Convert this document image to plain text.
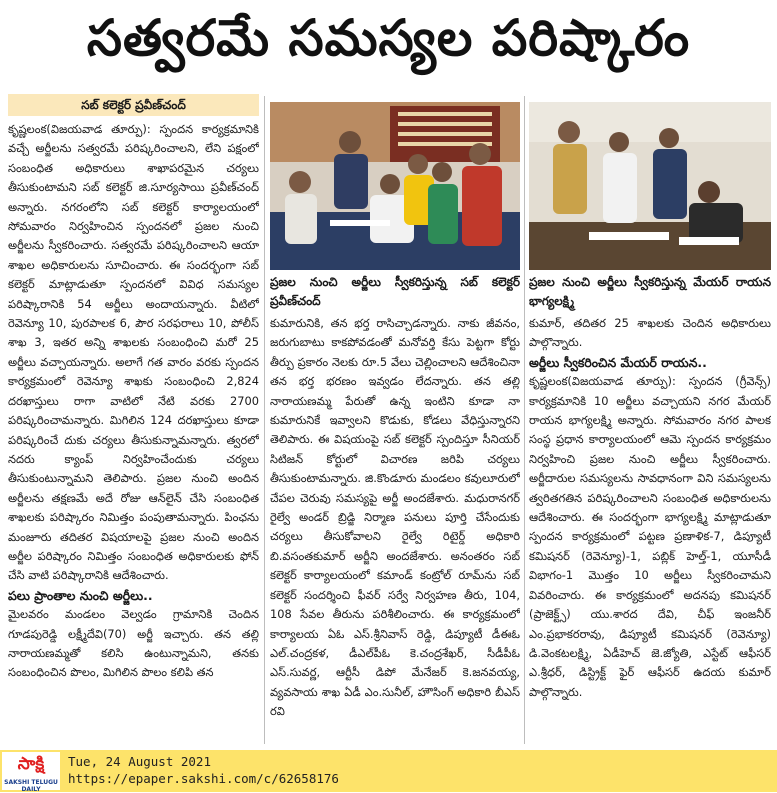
సత్వరమే సమస్యల పరిష్కారం
సబ్ కలెక్టర్ ప్రవీణ్‌చంద్

కృష్ణలంక(విజయవాడ తూర్పు): స్పందన కార్యక్రమానికి వచ్చే అర్జీలను సత్వరమే పరిష్కరించాలని, లేని పక్షంలో సంబంధిత అధికారులు శాఖాపరమైన చర్యలు తీసుకుంటామని సబ్ కలెక్టర్ జి.సూర్యసాయి ప్రవీణ్‌చంద్ అన్నారు. నగరంలోని సబ్ కలెక్టర్ కార్యాలయంలో సోమవారం నిర్వహించిన స్పందనలో ప్రజల నుంచి అర్జీలను స్వీకరించారు. సత్వరమే పరిష్కరించాలని ఆయా శాఖల అధికారులను సూచించారు. ఈ సందర్భంగా సబ్ కలెక్టర్ మాట్లాడుతూ స్పందనలో వివిధ సమస్యల పరిష్కారానికి 54 అర్జీలు అందాయన్నారు. వీటిలో రెవెన్యూ 10, పురపాలక 6, పౌర సరఫరాలు 10, పోలీస్ శాఖ 3, ఇతర అన్ని శాఖలకు సంబంధించి మరో 25 అర్జీలు వచ్చాయన్నారు. అలాగే గత వారం వరకు స్పందన కార్యక్రమంలో రెవెన్యూ శాఖకు సంబంధించి 2,824 దరఖాస్తులు రాగా వాటిలో నేటి వరకు 2700 పరిష్కరించామన్నారు. మిగిలిన 124 దరఖాస్తులు కూడా పరిష్కరించే దుకు చర్యలు తీసుకున్నామన్నారు. త్వరలో నదరు క్యాంప్ నిర్వహించేందుకు చర్యలు తీసుకుంటున్నామని తెలిపారు. ప్రజల నుంచి అందిన అర్జీలను తక్షణమే అదే రోజు ఆన్‌లైన్ చేసి సంబంధిత శాఖలకు పరిష్కారం నిమిత్తం పంపుతామన్నారు. పింఛను మంజూరు తదితర విషయాలపై ప్రజల నుంచి అందిన అర్జీల పరిష్కారం నిమిత్తం సంబంధిత అధికారులకు ఫోన్ చేసి వాటి పరిష్కారానికి ఆదేశించారు.

పలు ప్రాంతాల నుంచి అర్జీలు..

మైలవరం మండలం వెల్వడం గ్రామానికి చెందిన గూడపురెడ్డి లక్ష్మీదేవి(70) అర్జీ ఇచ్చారు. తన తల్లి నారాయణమ్మతో కలిసి ఉంటున్నామని, తనకు సంబంధించిన పొలం, మిగిలిన పొలం కలిపి తన

ప్రజల నుంచి అర్జీలు స్వీకరిస్తున్న సబ్ కలెక్టర్ ప్రవీణ్‌చంద్

కుమారునికి, తన భర్త రాసిచ్చాడన్నారు. నాకు జీవనం, జరుగుబాటు కాకపోవడంతో మనోవర్తి కేసు పెట్టగా కోర్టు తీర్పు ప్రకారం నెలకు రూ.5 వేలు చెల్లించాలని ఆదేశించినా తన భర్త భరణం ఇవ్వడం లేదన్నారు. తన తల్లి నారాయణమ్మ పేరుతో ఉన్న ఇంటిని కూడా నా కుమారునికే ఇవ్వాలని కొడుకు, కోడలు వేధిస్తున్నారని తెలిపారు. ఈ విషయంపై సబ్ కలెక్టర్ స్పందిస్తూ సీనియర్ సిటిజన్ కోర్టులో విచారణ జరిపి చర్యలు తీసుకుంటామన్నారు. జి.కొండూరు మండలం కవులూరులో చేపల చెరువు సమస్యపై అర్జీ అందజేశారు. మధురానగర్ రైల్వే అండర్ బ్రిడ్జి నిర్మాణ పనులు పూర్తి చేసేందుకు చర్యలు తీసుకోవాలని రైల్వే రిటైర్డ్ అధికారి బి.వసంతకుమార్ అర్జీని అందజేశారు. అనంతరం సబ్ కలెక్టర్ కార్యాలయంలో కమాండ్ కంట్రోల్ రూమ్‌ను సబ్ కలెక్టర్ సందర్శించి ఫీవర్ సర్వే నిర్వహణ తీరు, 104, 108 సేవల తీరును పరిశీలించారు. ఈ కార్యక్రమంలో కార్యాలయ ఏఓ ఎస్.శ్రీనివాస్ రెడ్డి, డిప్యూటీ డీఈఓ ఎల్.చంద్రకళ, డీఎల్‌పీఓ కె.చంద్రశేఖర్, సీడీపీఓ ఎస్.సువర్ణ, ఆర్టీసీ డిపో మేనేజర్ కె.జనవయ్య, వ్యవసాయ శాఖ ఏడీ ఎం.సునీల్, హౌసింగ్ అధికారి బీఎస్ రవి

ప్రజల నుంచి అర్జీలు స్వీకరిస్తున్న మేయర్ రాయన భాగ్యలక్ష్మి

కుమార్, తదితర 25 శాఖలకు చెందిన అధికారులు పాల్గొన్నారు.

అర్జీలు స్వీకరించిన మేయర్ రాయన..

కృష్ణలంక(విజయవాడ తూర్పు): స్పందన (గ్రీవెన్స్) కార్యక్రమానికి 10 అర్జీలు వచ్చాయని నగర మేయర్ రాయన భాగ్యలక్ష్మి అన్నారు. సోమవారం నగర పాలక సంస్థ ప్రధాన కార్యాలయంలో ఆమె స్పందన కార్యక్రమం నిర్వహించి ప్రజల నుంచి అర్జీలు స్వీకరించారు. అర్జీదారుల సమస్యలను సావధానంగా విని సమస్యలను త్వరితగతిన పరిష్కరించాలని సంబంధిత అధికారులను ఆదేశించారు. ఈ సందర్భంగా భాగ్యలక్ష్మి మాట్లాడుతూ స్పందన కార్యక్రమంలో పట్టణ ప్రణాళిక-7, డిప్యూటీ కమిషనర్ (రెవెన్యూ)-1, పబ్లిక్ హెల్త్-1, యూసీడీ విభాగం-1 మొత్తం 10 అర్జీలు స్వీకరించామని వివరించారు. ఈ కార్యక్రమంలో అదనపు కమిషనర్ (ప్రాజెక్ట్స్) యు.శారద దేవి, చీఫ్ ఇంజనీర్ ఎం.ప్రభాకరరావు, డిప్యూటీ కమిషనర్ (రెవెన్యూ) డి.వెంకటలక్ష్మి, ఏడీహెచ్ జె.జ్యోతి, ఎస్టేట్ ఆఫీసర్ ఎ.శ్రీధర్, డిస్ట్రిక్ట్ ఫైర్ ఆఫీసర్ ఉదయ కుమార్ పాల్గొన్నారు.

సాక్షి
SAKSHI TELUGU DAILY
Tue, 24 August 2021
https://epaper.sakshi.com/c/62658176
